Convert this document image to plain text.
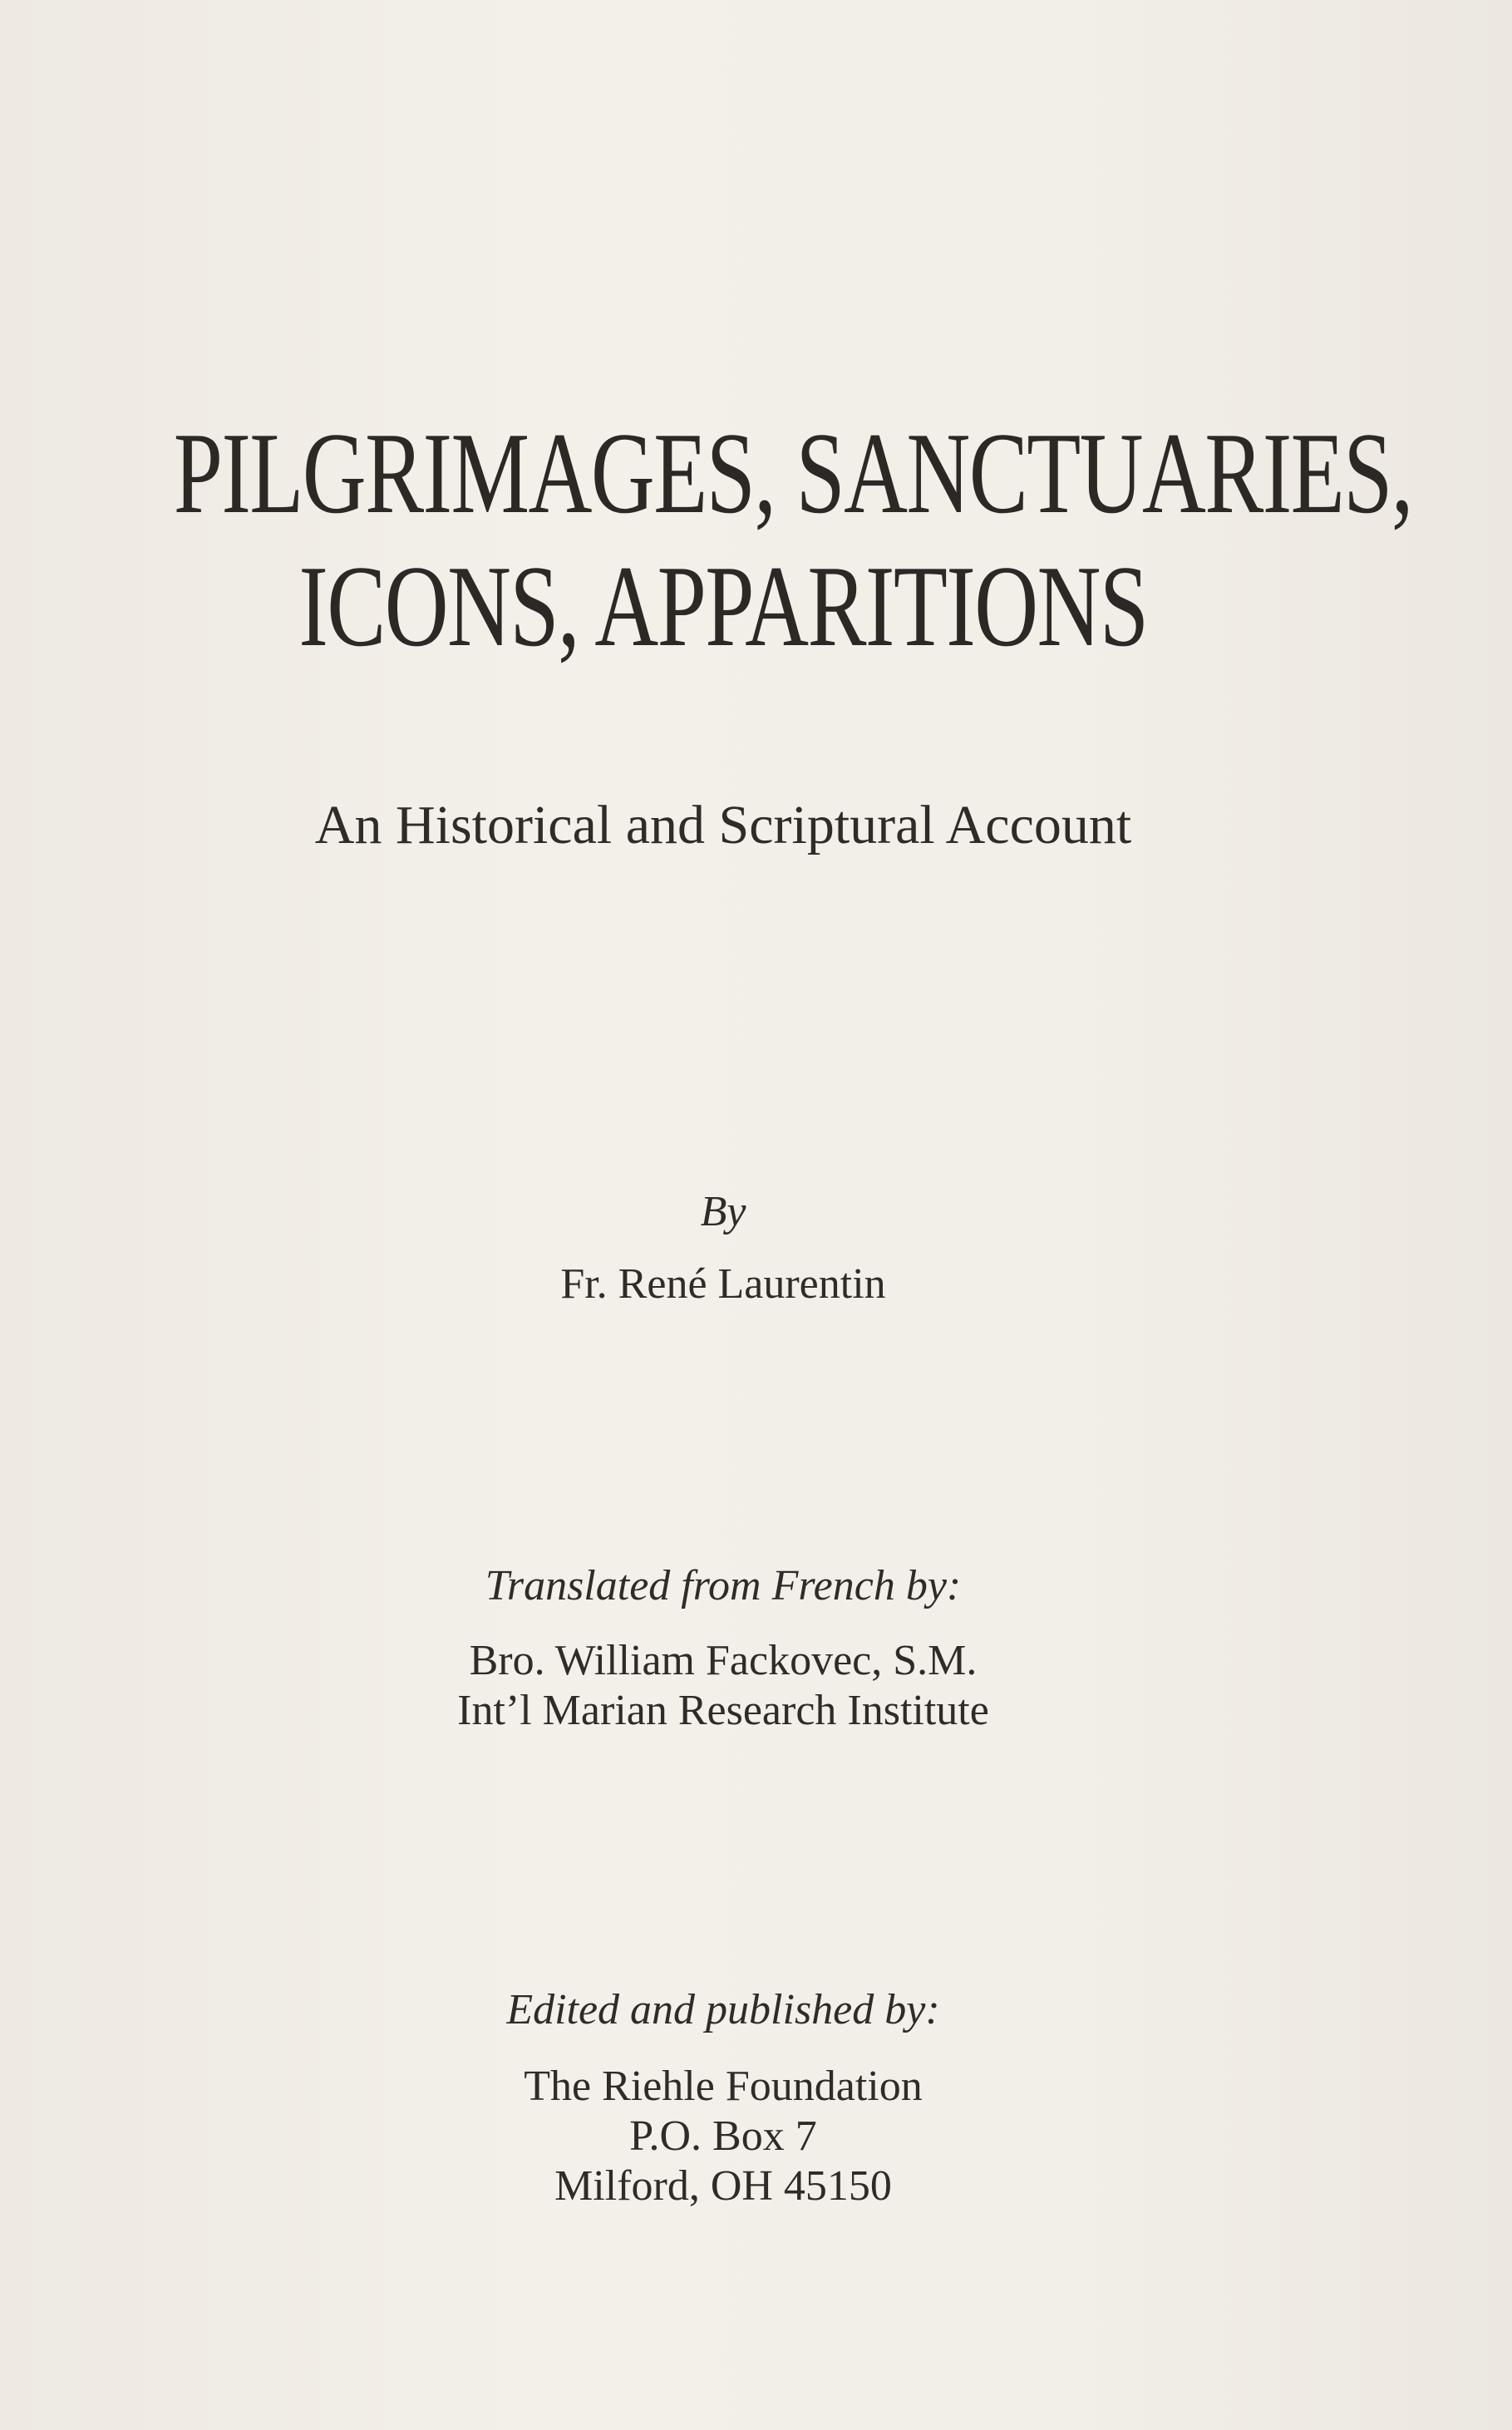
PILGRIMAGES, SANCTUARIES,
ICONS, APPARITIONS
An Historical and Scriptural Account
By
Fr. René Laurentin
Translated from French by:
Bro. William Fackovec, S.M.
Int’l Marian Research Institute
Edited and published by:
The Riehle Foundation
P.O. Box 7
Milford, OH 45150
